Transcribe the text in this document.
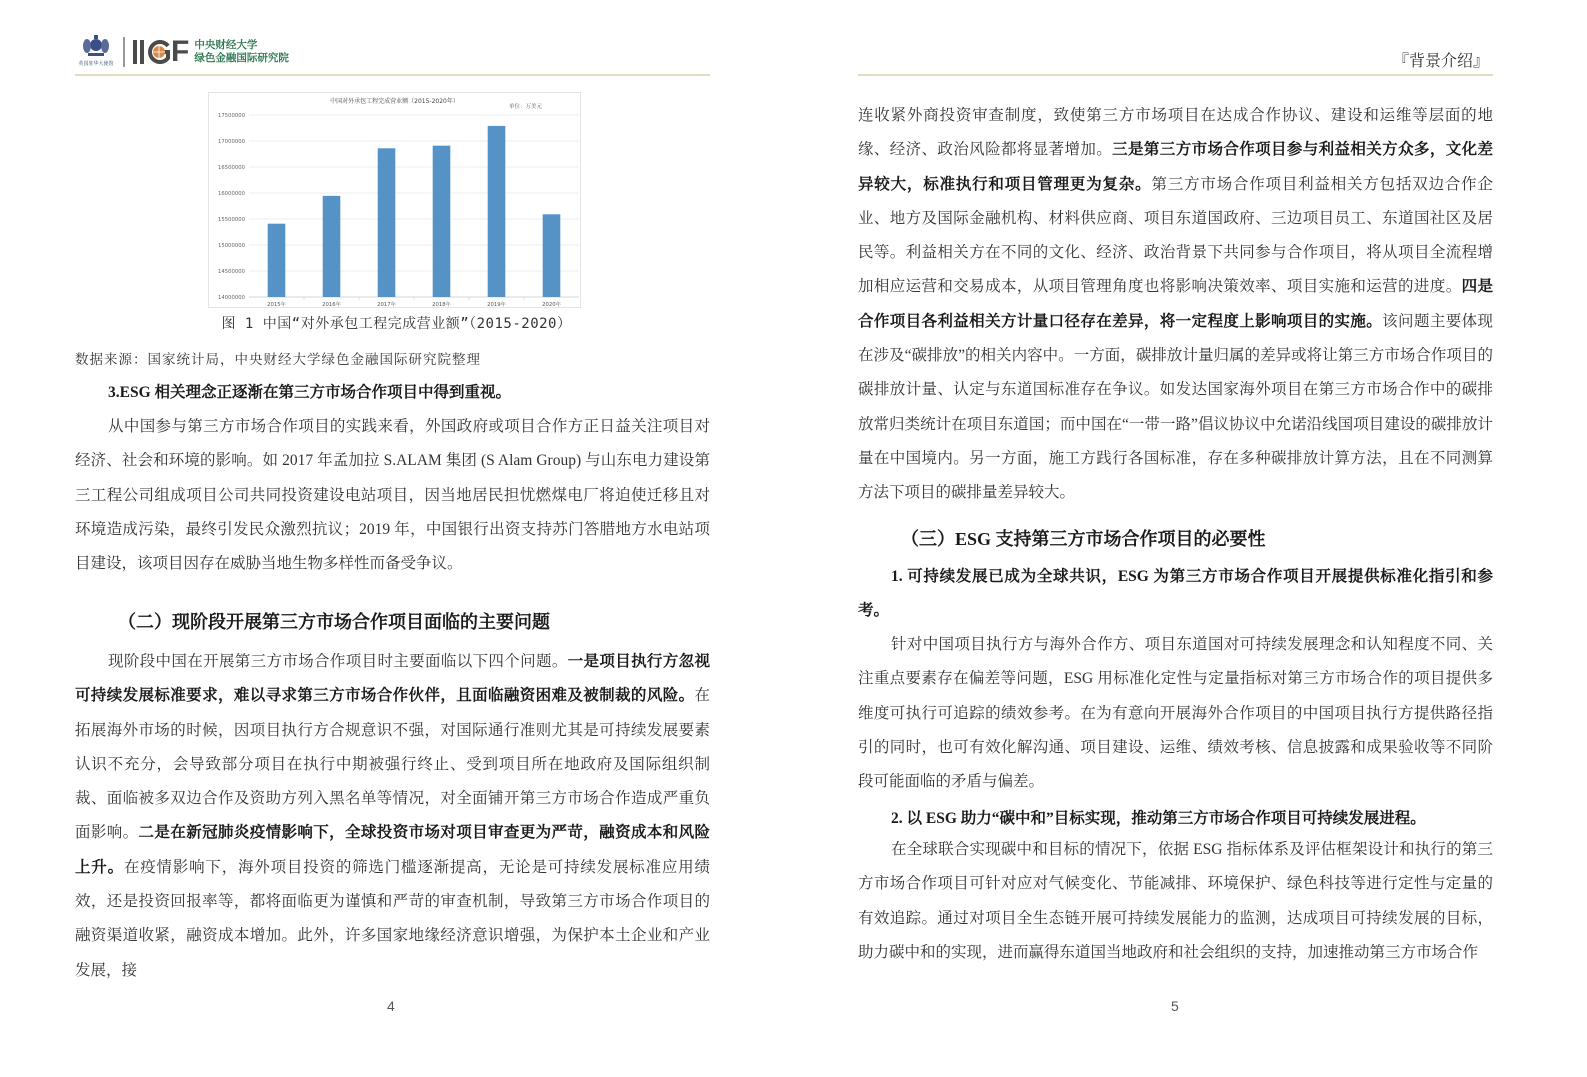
英国驻华大使馆 F 中央财经大学
绿色金融国际研究院
中国对外承包工程完成营业额（2015-2020年）
单位：万美元
14000000
14500000
15000000
15500000
16000000
16500000
17000000
17500000
2015年	2016年	2017年	2018年	2019年	2020年
图 1 中国“对外承包工程完成营业额”（2015-2020）
数据来源：国家统计局，中央财经大学绿色金融国际研究院整理
3.ESG 相关理念正逐渐在第三方市场合作项目中得到重视。

从中国参与第三方市场合作项目的实践来看，外国政府或项目合作方正日益关注项目对经济、社会和环境的影响。如 2017 年孟加拉 S.ALAM 集团 (S Alam Group) 与山东电力建设第三工程公司组成项目公司共同投资建设电站项目，因当地居民担忧燃煤电厂将迫使迁移且对环境造成污染，最终引发民众激烈抗议；2019 年，中国银行出资支持苏门答腊地方水电站项目建设，该项目因存在威胁当地生物多样性而备受争议。

（二）现阶段开展第三方市场合作项目面临的主要问题

现阶段中国在开展第三方市场合作项目时主要面临以下四个问题。一是项目执行方忽视可持续发展标准要求，难以寻求第三方市场合作伙伴，且面临融资困难及被制裁的风险。在拓展海外市场的时候，因项目执行方合规意识不强，对国际通行准则尤其是可持续发展要素认识不充分，会导致部分项目在执行中期被强行终止、受到项目所在地政府及国际组织制裁、面临被多双边合作及资助方列入黑名单等情况，对全面铺开第三方市场合作造成严重负面影响。二是在新冠肺炎疫情影响下，全球投资市场对项目审查更为严苛，融资成本和风险上升。在疫情影响下，海外项目投资的筛选门槛逐渐提高，无论是可持续发展标准应用绩效，还是投资回报率等，都将面临更为谨慎和严苛的审查机制，导致第三方市场合作项目的融资渠道收紧，融资成本增加。此外，许多国家地缘经济意识增强，为保护本土企业和产业发展，接

4
『背景介绍』

连收紧外商投资审查制度，致使第三方市场项目在达成合作协议、建设和运维等层面的地缘、经济、政治风险都将显著增加。三是第三方市场合作项目参与利益相关方众多，文化差异较大，标准执行和项目管理更为复杂。第三方市场合作项目利益相关方包括双边合作企业、地方及国际金融机构、材料供应商、项目东道国政府、三边项目员工、东道国社区及居民等。利益相关方在不同的文化、经济、政治背景下共同参与合作项目，将从项目全流程增加相应运营和交易成本，从项目管理角度也将影响决策效率、项目实施和运营的进度。四是合作项目各利益相关方计量口径存在差异，将一定程度上影响项目的实施。该问题主要体现在涉及“碳排放”的相关内容中。一方面，碳排放计量归属的差异或将让第三方市场合作项目的碳排放计量、认定与东道国标准存在争议。如发达国家海外项目在第三方市场合作中的碳排放常归类统计在项目东道国；而中国在“一带一路”倡议协议中允诺沿线国项目建设的碳排放计量在中国境内。另一方面，施工方践行各国标准，存在多种碳排放计算方法，且在不同测算方法下项目的碳排量差异较大。

（三）ESG 支持第三方市场合作项目的必要性

1. 可持续发展已成为全球共识，ESG 为第三方市场合作项目开展提供标准化指引和参考。

针对中国项目执行方与海外合作方、项目东道国对可持续发展理念和认知程度不同、关注重点要素存在偏差等问题，ESG 用标准化定性与定量指标对第三方市场合作的项目提供多维度可执行可追踪的绩效参考。在为有意向开展海外合作项目的中国项目执行方提供路径指引的同时，也可有效化解沟通、项目建设、运维、绩效考核、信息披露和成果验收等不同阶段可能面临的矛盾与偏差。

2. 以 ESG 助力“碳中和”目标实现，推动第三方市场合作项目可持续发展进程。

在全球联合实现碳中和目标的情况下，依据 ESG 指标体系及评估框架设计和执行的第三方市场合作项目可针对应对气候变化、节能减排、环境保护、绿色科技等进行定性与定量的有效追踪。通过对项目全生态链开展可持续发展能力的监测，达成项目可持续发展的目标，助力碳中和的实现，进而赢得东道国当地政府和社会组织的支持，加速推动第三方市场合作

5
